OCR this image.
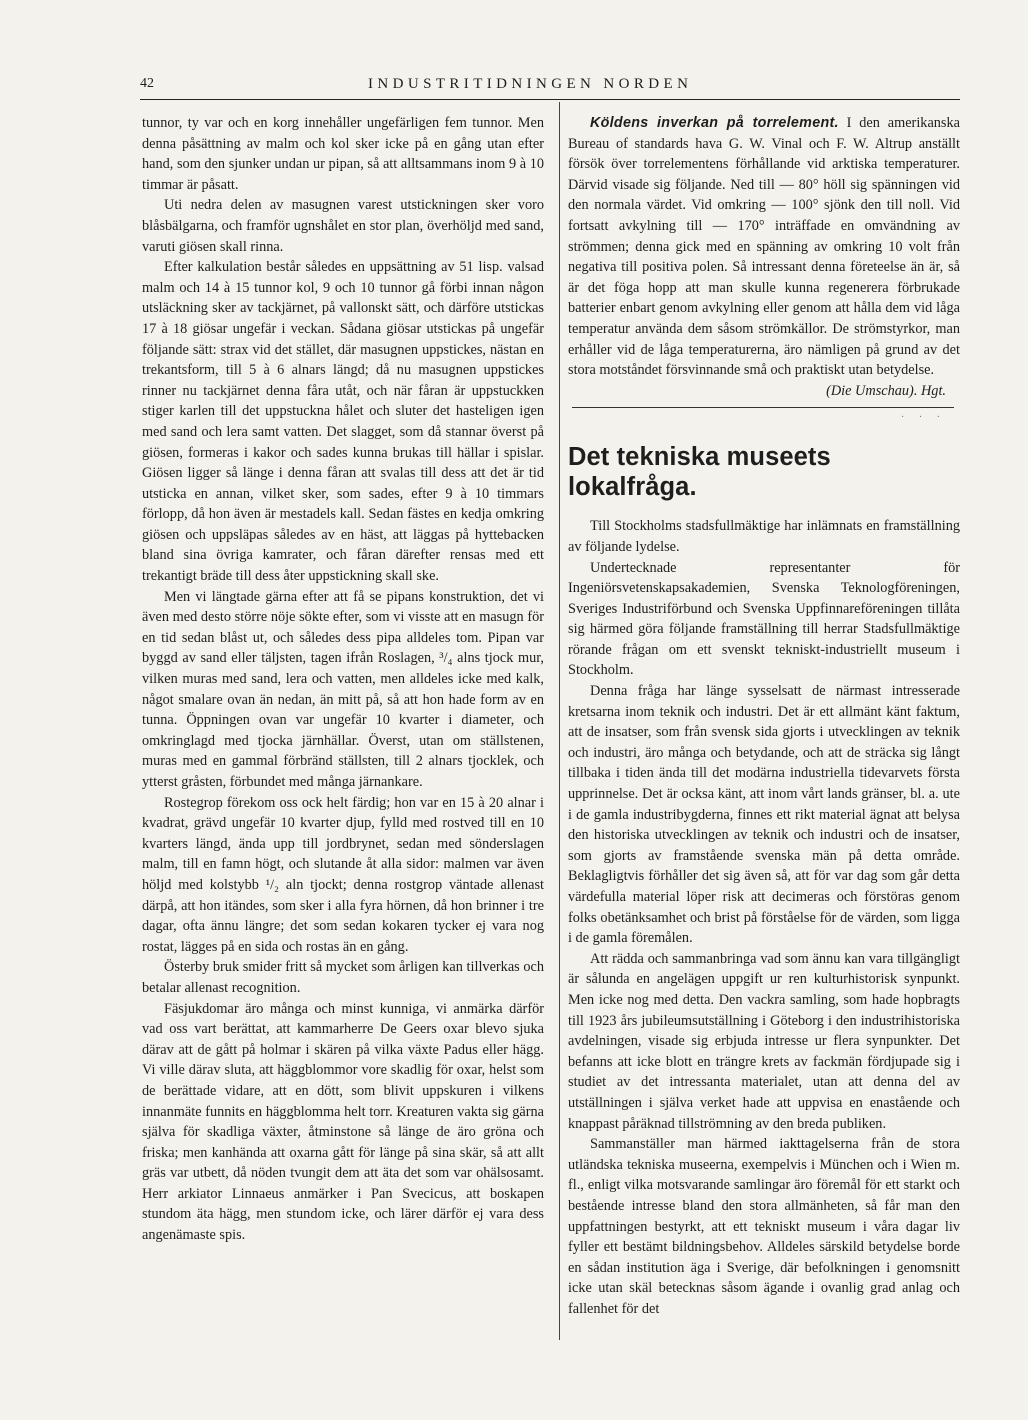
42	INDUSTRITIDNINGEN NORDEN

tunnor, ty var och en korg innehåller ungefärligen fem tunnor. Men denna påsättning av malm och kol sker icke på en gång utan efter hand, som den sjunker undan ur pipan, så att alltsammans inom 9 à 10 timmar är påsatt.

Uti nedra delen av masugnen varest utstickningen sker voro blåsbälgarna, och framför ugnshålet en stor plan, överhöljd med sand, varuti giösen skall rinna.

Efter kalkulation består således en uppsättning av 51 lisp. valsad malm och 14 à 15 tunnor kol, 9 och 10 tunnor gå förbi innan någon utsläckning sker av tackjärnet, på vallonskt sätt, och därföre utstickas 17 à 18 giösar ungefär i veckan. Sådana giösar utstickas på ungefär följande sätt: strax vid det stället, där masugnen uppstickes, nästan en trekantsform, till 5 à 6 alnars längd; då nu masugnen uppstickes rinner nu tackjärnet denna fåra utåt, och när fåran är uppstuckken stiger karlen till det uppstuckna hålet och sluter det hasteligen igen med sand och lera samt vatten. Det slagget, som då stannar överst på giösen, formeras i kakor och sades kunna brukas till hällar i spislar. Giösen ligger så länge i denna fåran att svalas till dess att det är tid utsticka en annan, vilket sker, som sades, efter 9 à 10 timmars förlopp, då hon även är mestadels kall. Sedan fästes en kedja omkring giösen och uppsläpas således av en häst, att läggas på hyttebacken bland sina övriga kamrater, och fåran därefter rensas med ett trekantigt bräde till dess åter uppstickning skall ske.

Men vi längtade gärna efter att få se pipans konstruktion, det vi även med desto större nöje sökte efter, som vi visste att en masugn för en tid sedan blåst ut, och således dess pipa alldeles tom. Pipan var byggd av sand eller täljsten, tagen ifrån Roslagen, ³/₄ alns tjock mur, vilken muras med sand, lera och vatten, men alldeles icke med kalk, något smalare ovan än nedan, än mitt på, så att hon hade form av en tunna. Öppningen ovan var ungefär 10 kvarter i diameter, och omkringlagd med tjocka järnhällar. Överst, utan om ställstenen, muras med en gammal förbränd ställsten, till 2 alnars tjocklek, och ytterst gråsten, förbundet med många järnankare.

Rostegrop förekom oss ock helt färdig; hon var en 15 à 20 alnar i kvadrat, grävd ungefär 10 kvarter djup, fylld med rostved till en 10 kvarters längd, ända upp till jordbrynet, sedan med sönderslagen malm, till en famn högt, och slutande åt alla sidor: malmen var även höljd med kolstybb ¹/₂ aln tjockt; denna rostgrop väntade allenast därpå, att hon itändes, som sker i alla fyra hörnen, då hon brinner i tre dagar, ofta ännu längre; det som sedan kokaren tycker ej vara nog rostat, lägges på en sida och rostas än en gång.

Österby bruk smider fritt så mycket som årligen kan tillverkas och betalar allenast recognition.

Fäsjukdomar äro många och minst kunniga, vi anmärka därför vad oss vart berättat, att kammarherre De Geers oxar blevo sjuka därav att de gått på holmar i skären på vilka växte Padus eller hägg. Vi ville därav sluta, att häggblommor vore skadlig för oxar, helst som de berättade vidare, att en dött, som blivit uppskuren i vilkens innanmäte funnits en häggblomma helt torr. Kreaturen vakta sig gärna själva för skadliga växter, åtminstone så länge de äro gröna och friska; men kanhända att oxarna gått för länge på sina skär, så att allt gräs var utbett, då nöden tvungit dem att äta det som var ohälsosamt. Herr arkiator Linnaeus anmärker i Pan Svecicus, att boskapen stundom äta hägg, men stundom icke, och lärer därför ej vara dess angenämaste spis.

Köldens inverkan på torrelement. I den amerikanska Bureau of standards hava G. W. Vinal och F. W. Altrup anställt försök över torrelementens förhållande vid arktiska temperaturer. Därvid visade sig följande. Ned till — 80° höll sig spänningen vid den normala värdet. Vid omkring — 100° sjönk den till noll. Vid fortsatt avkylning till — 170° inträffade en omvändning av strömmen; denna gick med en spänning av omkring 10 volt från negativa till positiva polen. Så intressant denna företeelse än är, så är det föga hopp att man skulle kunna regenerera förbrukade batterier enbart genom avkylning eller genom att hålla dem vid låga temperatur använda dem såsom strömkällor. De strömstyrkor, man erhåller vid de låga temperaturerna, äro nämligen på grund av det stora motståndet försvinnande små och praktiskt utan betydelse.

(Die Umschau). Hgt.

· · ·
Det tekniska museets lokalfråga.

Till Stockholms stadsfullmäktige har inlämnats en framställning av följande lydelse.

Undertecknade representanter för Ingeniörsvetenskapsakademien, Svenska Teknologföreningen, Sveriges Industriförbund och Svenska Uppfinnareföreningen tillåta sig härmed göra följande framställning till herrar Stadsfullmäktige rörande frågan om ett svenskt tekniskt-industriellt museum i Stockholm.

Denna fråga har länge sysselsatt de närmast intresserade kretsarna inom teknik och industri. Det är ett allmänt känt faktum, att de insatser, som från svensk sida gjorts i utvecklingen av teknik och industri, äro många och betydande, och att de sträcka sig långt tillbaka i tiden ända till det modärna industriella tidevarvets första upprinnelse. Det är ocksa känt, att inom vårt lands gränser, bl. a. ute i de gamla industribygderna, finnes ett rikt material ägnat att belysa den historiska utvecklingen av teknik och industri och de insatser, som gjorts av framstående svenska män på detta område. Beklagligtvis förhåller det sig även så, att för var dag som går detta värdefulla material löper risk att decimeras och förstöras genom folks obetänksamhet och brist på förståelse för de värden, som ligga i de gamla föremålen.

Att rädda och sammanbringa vad som ännu kan vara tillgängligt är sålunda en angelägen uppgift ur ren kulturhistorisk synpunkt. Men icke nog med detta. Den vackra samling, som hade hopbragts till 1923 års jubileumsutställning i Göteborg i den industrihistoriska avdelningen, visade sig erbjuda intresse ur flera synpunkter. Det befanns att icke blott en trängre krets av fackmän fördjupade sig i studiet av det intressanta materialet, utan att denna del av utställningen i själva verket hade att uppvisa en enastående och knappast påräknad tillströmning av den breda publiken.

Sammanställer man härmed iakttagelserna från de stora utländska tekniska museerna, exempelvis i München och i Wien m. fl., enligt vilka motsvarande samlingar äro föremål för ett starkt och bestående intresse bland den stora allmänheten, så får man den uppfattningen bestyrkt, att ett tekniskt museum i våra dagar liv fyller ett bestämt bildningsbehov. Alldeles särskild betydelse borde en sådan institution äga i Sverige, där befolkningen i genomsnitt icke utan skäl betecknas såsom ägande i ovanlig grad anlag och fallenhet för det
